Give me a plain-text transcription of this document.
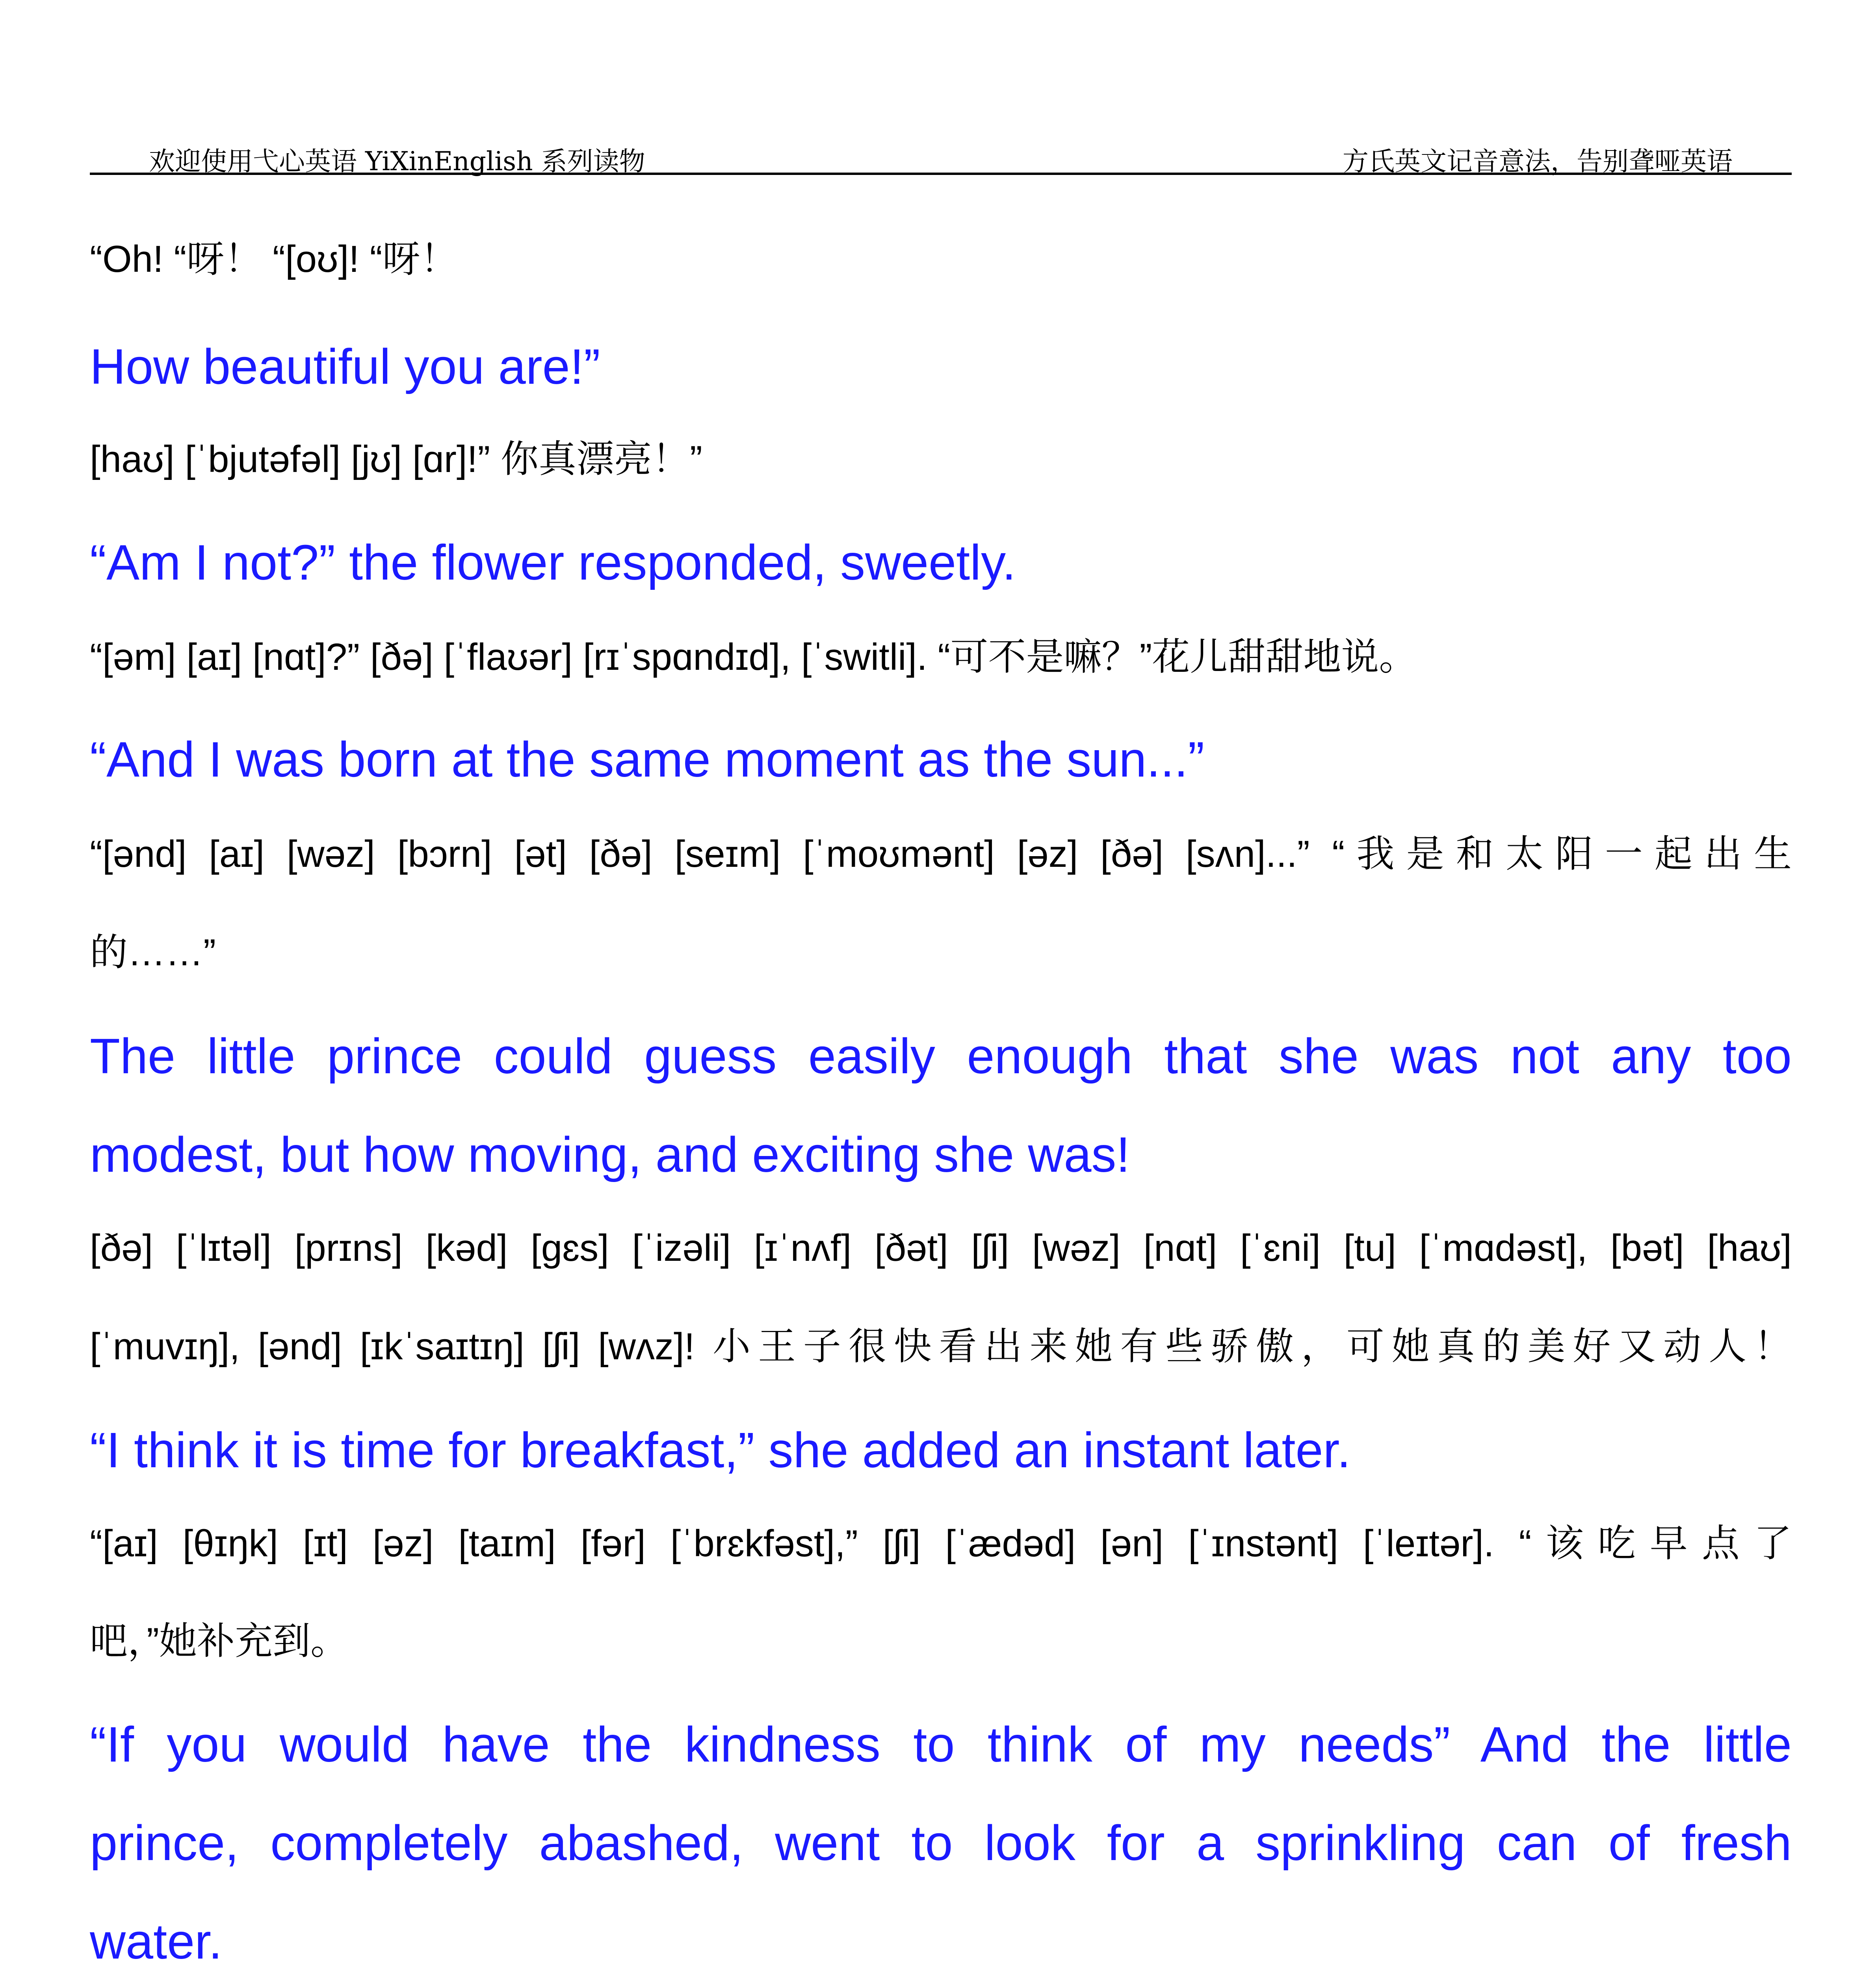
欢迎使用弋心英语 YiXinEnglish 系列读物	方氏英文记音意法，告别聋哑英语
“Oh! “呀！ “[oʊ]! “呀！
How beautiful you are!”
[haʊ] [ˈbjutəfəl] [jʊ] [ɑr]!” 你真漂亮！”
“Am I not?” the flower responded, sweetly.
“[əm] [aɪ] [nɑt]?” [ðə] [ˈflaʊər] [rɪˈspɑndɪd], [ˈswitli]. “可不是嘛？”花儿甜甜地说。
“And I was born at the same moment as the sun...”
“[ənd] [aɪ] [wəz] [bɔrn] [ət] [ðə] [seɪm] [ˈmoʊmənt] [əz] [ðə] [sʌn]...” “我是和太阳一起出生
的……”
The little prince could guess easily enough that she was not any too
modest, but how moving, and exciting she was!
[ðə] [ˈlɪtəl] [prɪns] [kəd] [gɛs] [ˈizəli] [ɪˈnʌf] [ðət] [ʃi] [wəz] [nɑt] [ˈɛni] [tu] [ˈmɑdəst], [bət] [haʊ]
[ˈmuvɪŋ], [ənd] [ɪkˈsaɪtɪŋ] [ʃi] [wʌz]! 小王子很快看出来她有些骄傲，可她真的美好又动人！
“I think it is time for breakfast,” she added an instant later.
“[aɪ] [θɪŋk] [ɪt] [əz] [taɪm] [fər] [ˈbrɛkfəst],” [ʃi] [ˈædəd] [ən] [ˈɪnstənt] [ˈleɪtər]. “该吃早点了
吧，”她补充到。
“If you would have the kindness to think of my needs” And the little
prince, completely abashed, went to look for a sprinkling can of fresh
water.
